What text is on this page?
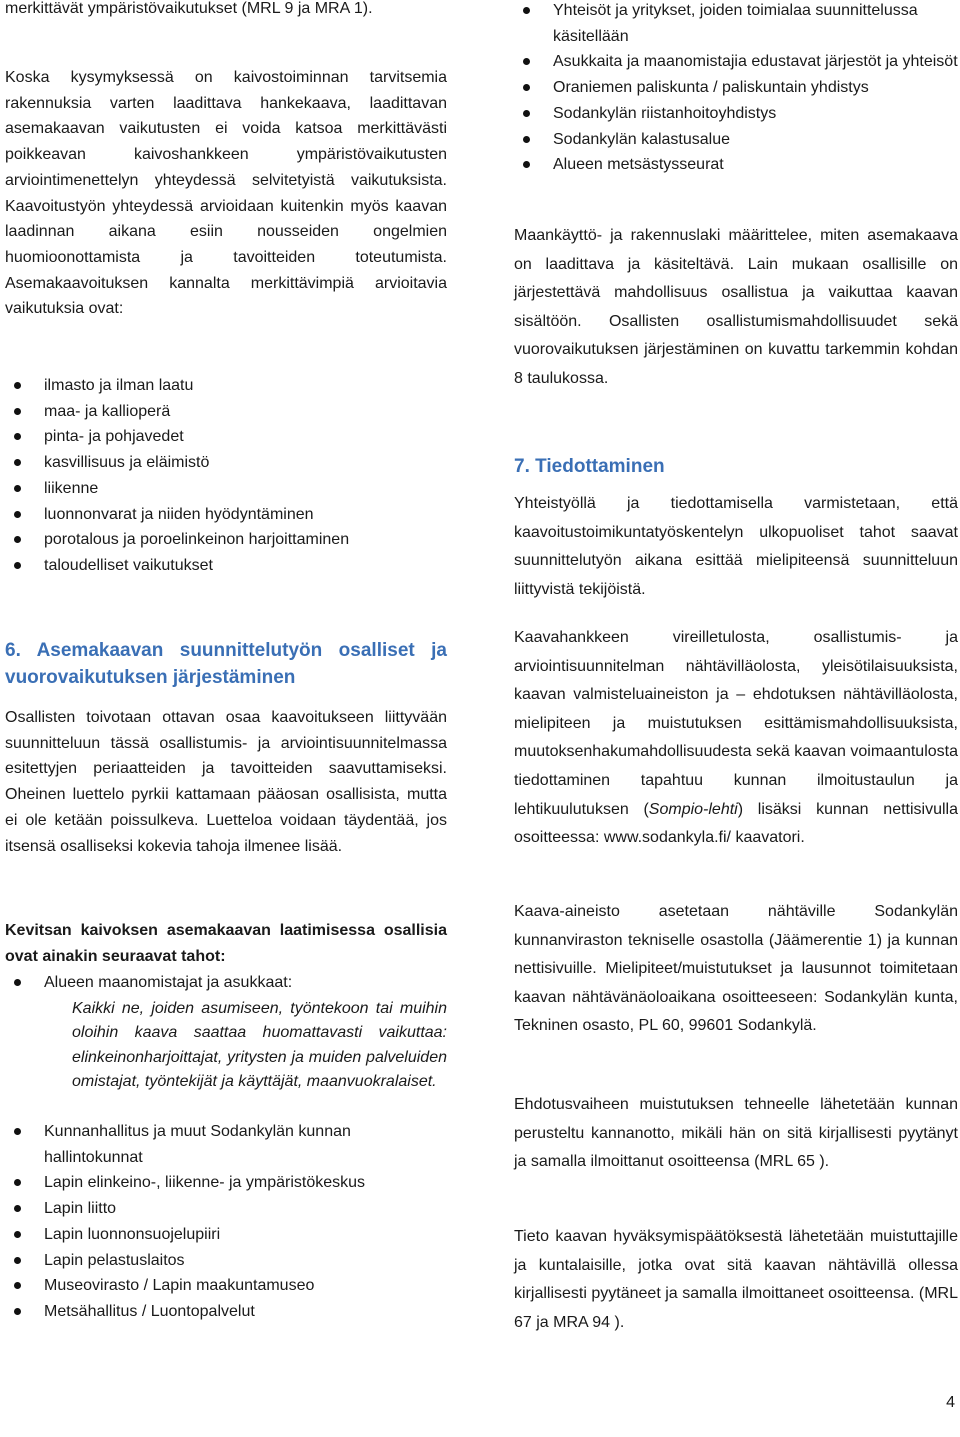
merkittävät ympäristövaikutukset (MRL 9 ja MRA 1).

Koska kysymyksessä on kaivostoiminnan tarvitsemia rakennuksia varten laadittava hankekaava, laadittavan asemakaavan vaikutusten ei voida katsoa merkittävästi poikkeavan kaivoshankkeen ympäristövaikutusten arviointimenettelyn yhteydessä selvitetyistä vaikutuksista. Kaavoitustyön yhteydessä arvioidaan kuitenkin myös kaavan laadinnan aikana esiin nousseiden ongelmien huomioonottamista ja tavoitteiden toteutumista. Asemakaavoituksen kannalta merkittävimpiä arvioitavia vaikutuksia ovat:

ilmasto ja ilman laatu
maa- ja kallioperä
pinta- ja pohjavedet
kasvillisuus ja eläimistö
liikenne
luonnonvarat ja niiden hyödyntäminen
porotalous ja poroelinkeinon harjoittaminen
taloudelliset vaikutukset
6. Asemakaavan suunnittelutyön osalliset ja vuorovaikutuksen järjestäminen

Osallisten toivotaan ottavan osaa kaavoitukseen liittyvään suunnitteluun tässä osallistumis- ja arviointisuunnitelmassa esitettyjen periaatteiden ja tavoitteiden saavuttamiseksi. Oheinen luettelo pyrkii kattamaan pääosan osallisista, mutta ei ole ketään poissulkeva. Luetteloa voidaan täydentää, jos itsensä osalliseksi kokevia tahoja ilmenee lisää.

Kevitsan kaivoksen asemakaavan laatimisessa osallisia ovat ainakin seuraavat tahot:

Alueen maanomistajat ja asukkaat:
Kaikki ne, joiden asumiseen, työntekoon tai muihin oloihin kaava saattaa huomattavasti vaikuttaa: elinkeinonharjoittajat, yritysten ja muiden palveluiden omistajat, työntekijät ja käyttäjät, maanvuokralaiset.
Kunnanhallitus ja muut Sodankylän kunnan hallintokunnat
Lapin elinkeino-, liikenne- ja ympäristökeskus
Lapin liitto
Lapin luonnonsuojelupiiri
Lapin pelastuslaitos
Museovirasto / Lapin maakuntamuseo
Metsähallitus / Luontopalvelut
Yhteisöt ja yritykset, joiden toimialaa suunnittelussa käsitellään
Asukkaita ja maanomistajia edustavat järjestöt ja yhteisöt
Oraniemen paliskunta / paliskuntain yhdistys
Sodankylän riistanhoitoyhdistys
Sodankylän kalastusalue
Alueen metsästysseurat

Maankäyttö- ja rakennuslaki määrittelee, miten asemakaava on laadittava ja käsiteltävä. Lain mukaan osallisille on järjestettävä mahdollisuus osallistua ja vaikuttaa kaavan sisältöön. Osallisten osallistumismahdollisuudet sekä vuorovaikutuksen järjestäminen on kuvattu tarkemmin kohdan 8 taulukossa.

7. Tiedottaminen

Yhteistyöllä ja tiedottamisella varmistetaan, että kaavoitustoimikuntatyöskentelyn ulkopuoliset tahot saavat suunnittelutyön aikana esittää mielipiteensä suunnitteluun liittyvistä tekijöistä.

Kaavahankkeen vireilletulosta, osallistumis- ja arviointisuunnitelman nähtävilläolosta, yleisötilaisuuksista, kaavan valmisteluaineiston ja – ehdotuksen nähtävilläolosta, mielipiteen ja muistutuksen esittämismahdollisuuksista, muutoksenhakumahdollisuudesta sekä kaavan voimaantulosta tiedottaminen tapahtuu kunnan ilmoitustaulun ja lehtikuulutuksen (Sompio-lehti) lisäksi kunnan nettisivulla osoitteessa: www.sodankyla.fi/ kaavatori.

Kaava-aineisto asetetaan nähtäville Sodankylän kunnanviraston tekniselle osastolla (Jäämerentie 1) ja kunnan nettisivuille. Mielipiteet/muistutukset ja lausunnot toimitetaan kaavan nähtävänäoloaikana osoitteeseen: Sodankylän kunta, Tekninen osasto, PL 60, 99601 Sodankylä.

Ehdotusvaiheen muistutuksen tehneelle lähetetään kunnan perusteltu kannanotto, mikäli hän on sitä kirjallisesti pyytänyt ja samalla ilmoittanut osoitteensa (MRL 65 ).

Tieto kaavan hyväksymispäätöksestä lähetetään muistuttajille ja kuntalaisille, jotka ovat sitä kaavan nähtävillä ollessa kirjallisesti pyytäneet ja samalla ilmoittaneet osoitteensa. (MRL 67 ja MRA 94 ).

4
